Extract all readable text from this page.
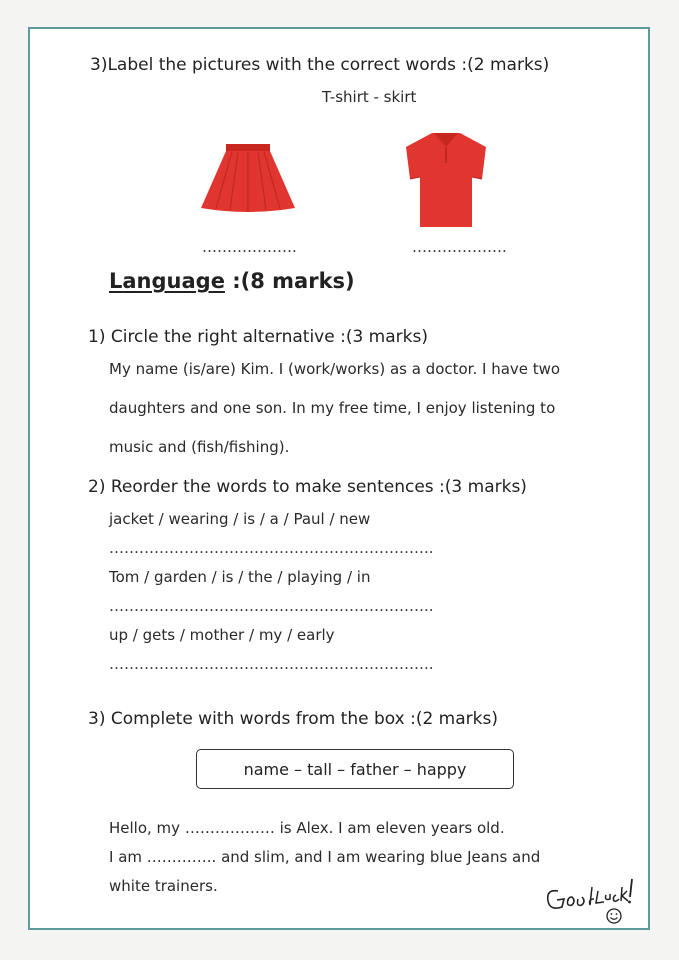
3)Label the pictures with the correct words :(2 marks)
T-shirt - skirt
……………….	……………….
Language :(8 marks)
1) Circle the right alternative :(3 marks)
My name (is/are) Kim. I (work/works) as a doctor. I have two
daughters and one son. In my free time, I enjoy listening to
music and (fish/fishing).
2) Reorder the words to make sentences :(3 marks)
jacket / wearing / is / a / Paul / new
………………………………………………………..
Tom / garden / is / the / playing / in
………………………………………………………..
up / gets / mother / my / early
………………………………………………………..
3) Complete with words from the box :(2 marks)
name – tall – father – happy
Hello, my ……………… is Alex. I am eleven years old.
I am ………….. and slim, and I am wearing blue Jeans and
white trainers.
